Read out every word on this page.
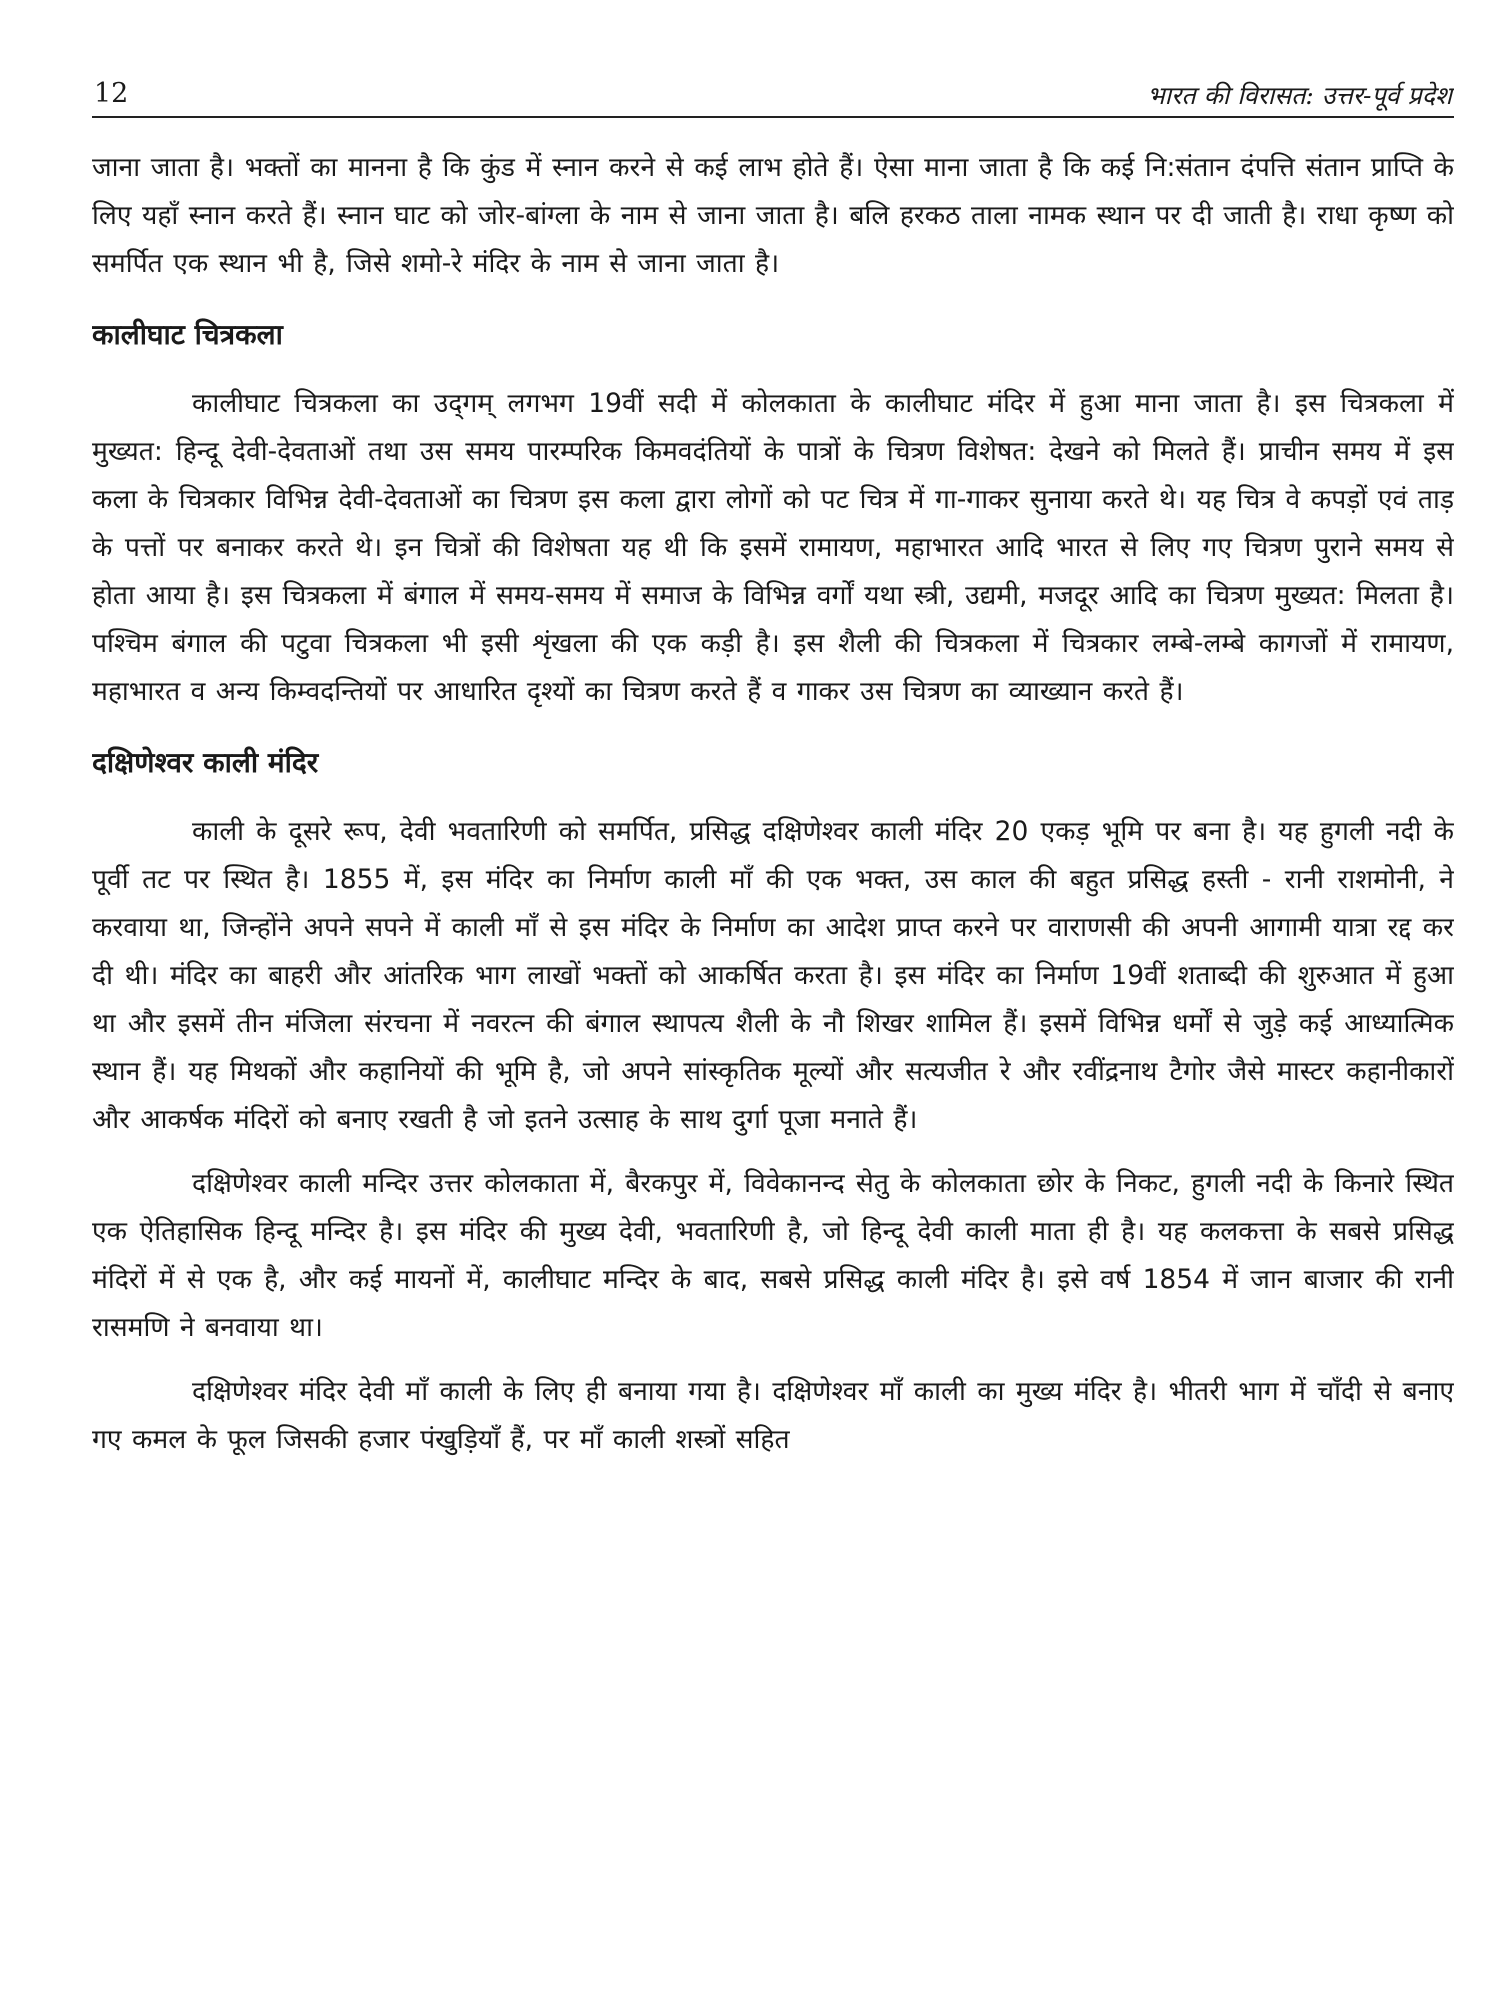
12	भारत की विरासत: उत्तर-पूर्व प्रदेश

जाना जाता है। भक्तों का मानना है कि कुंड में स्नान करने से कई लाभ होते हैं। ऐसा माना जाता है कि कई नि:संतान दंपत्ति संतान प्राप्ति के लिए यहाँ स्नान करते हैं। स्नान घाट को जोर-बांग्ला के नाम से जाना जाता है। बलि हरकठ ताला नामक स्थान पर दी जाती है। राधा कृष्ण को समर्पित एक स्थान भी है, जिसे शमो-रे मंदिर के नाम से जाना जाता है।

कालीघाट चित्रकला

कालीघाट चित्रकला का उद्‌गम् लगभग 19वीं सदी में कोलकाता के कालीघाट मंदिर में हुआ माना जाता है। इस चित्रकला में मुख्यत: हिन्दू देवी-देवताओं तथा उस समय पारम्परिक किमवदंतियों के पात्रों के चित्रण विशेषत: देखने को मिलते हैं। प्राचीन समय में इस कला के चित्रकार विभिन्न देवी-देवताओं का चित्रण इस कला द्वारा लोगों को पट चित्र में गा-गाकर सुनाया करते थे। यह चित्र वे कपड़ों एवं ताड़ के पत्तों पर बनाकर करते थे। इन चित्रों की विशेषता यह थी कि इसमें रामायण, महाभारत आदि भारत से लिए गए चित्रण पुराने समय से होता आया है। इस चित्रकला में बंगाल में समय-समय में समाज के विभिन्न वर्गों यथा स्त्री, उद्यमी, मजदूर आदि का चित्रण मुख्यत: मिलता है। पश्चिम बंगाल की पटुवा चित्रकला भी इसी शृंखला की एक कड़ी है। इस शैली की चित्रकला में चित्रकार लम्बे-लम्बे कागजों में रामायण, महाभारत व अन्य किम्वदन्तियों पर आधारित दृश्यों का चित्रण करते हैं व गाकर उस चित्रण का व्याख्यान करते हैं।

दक्षिणेश्वर काली मंदिर

काली के दूसरे रूप, देवी भवतारिणी को समर्पित, प्रसिद्ध दक्षिणेश्वर काली मंदिर 20 एकड़ भूमि पर बना है। यह हुगली नदी के पूर्वी तट पर स्थित है। 1855 में, इस मंदिर का निर्माण काली माँ की एक भक्त, उस काल की बहुत प्रसिद्ध हस्ती - रानी राशमोनी, ने करवाया था, जिन्होंने अपने सपने में काली माँ से इस मंदिर के निर्माण का आदेश प्राप्त करने पर वाराणसी की अपनी आगामी यात्रा रद्द कर दी थी। मंदिर का बाहरी और आंतरिक भाग लाखों भक्तों को आकर्षित करता है। इस मंदिर का निर्माण 19वीं शताब्दी की शुरुआत में हुआ था और इसमें तीन मंजिला संरचना में नवरत्न की बंगाल स्थापत्य शैली के नौ शिखर शामिल हैं। इसमें विभिन्न धर्मों से जुड़े कई आध्यात्मिक स्थान हैं। यह मिथकों और कहानियों की भूमि है, जो अपने सांस्कृतिक मूल्यों और सत्यजीत रे और रवींद्रनाथ टैगोर जैसे मास्टर कहानीकारों और आकर्षक मंदिरों को बनाए रखती है जो इतने उत्साह के साथ दुर्गा पूजा मनाते हैं।

दक्षिणेश्वर काली मन्दिर उत्तर कोलकाता में, बैरकपुर में, विवेकानन्द सेतु के कोलकाता छोर के निकट, हुगली नदी के किनारे स्थित एक ऐतिहासिक हिन्दू मन्दिर है। इस मंदिर की मुख्य देवी, भवतारिणी है, जो हिन्दू देवी काली माता ही है। यह कलकत्ता के सबसे प्रसिद्ध मंदिरों में से एक है, और कई मायनों में, कालीघाट मन्दिर के बाद, सबसे प्रसिद्ध काली मंदिर है। इसे वर्ष 1854 में जान बाजार की रानी रासमणि ने बनवाया था।

दक्षिणेश्वर मंदिर देवी माँ काली के लिए ही बनाया गया है। दक्षिणेश्वर माँ काली का मुख्य मंदिर है। भीतरी भाग में चाँदी से बनाए गए कमल के फूल जिसकी हजार पंखुड़ियाँ हैं, पर माँ काली शस्त्रों सहित
